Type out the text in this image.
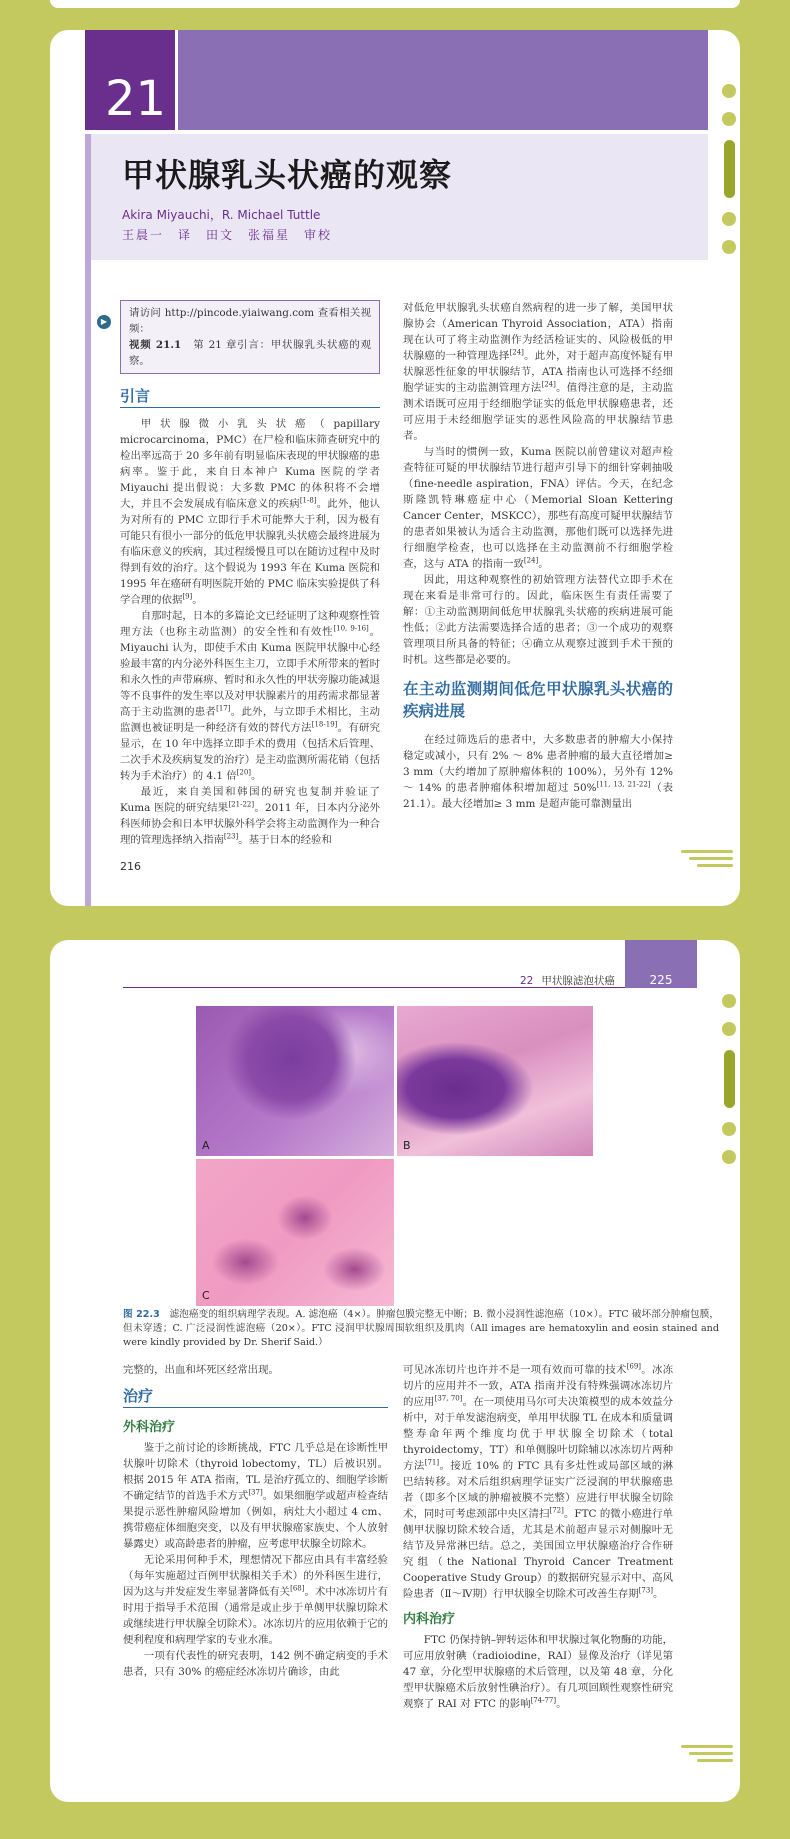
21
甲状腺乳头状癌的观察
Akira Miyauchi，R. Michael Tuttle
王晨一　译　田文　张福星　审校
▶
请访问 http://pincode.yiaiwang.com 查看相关视频：
视频 21.1　第 21 章引言：甲状腺乳头状癌的观察。
引言

甲状腺微小乳头状癌（papillary microcarcinoma，PMC）在尸检和临床筛查研究中的检出率远高于 20 多年前有明显临床表现的甲状腺癌的患病率。鉴于此，来自日本神户 Kuma 医院的学者 Miyauchi 提出假说：大多数 PMC 的体积将不会增大，并且不会发展成有临床意义的疾病[1-8]。此外，他认为对所有的 PMC 立即行手术可能弊大于利，因为极有可能只有很小一部分的低危甲状腺乳头状癌会最终进展为有临床意义的疾病，其过程缓慢且可以在随访过程中及时得到有效的治疗。这个假说为 1993 年在 Kuma 医院和 1995 年在癌研有明医院开始的 PMC 临床实验提供了科学合理的依据[9]。

自那时起，日本的多篇论文已经证明了这种观察性管理方法（也称主动监测）的安全性和有效性[10, 9-16]。Miyauchi 认为，即使手术由 Kuma 医院甲状腺中心经验最丰富的内分泌外科医生主刀，立即手术所带来的暂时和永久性的声带麻痹、暂时和永久性的甲状旁腺功能减退等不良事件的发生率以及对甲状腺素片的用药需求都显著高于主动监测的患者[17]。此外，与立即手术相比，主动监测也被证明是一种经济有效的替代方法[18-19]。有研究显示，在 10 年中选择立即手术的费用（包括术后管理、二次手术及疾病复发的治疗）是主动监测所需花销（包括转为手术治疗）的 4.1 倍[20]。

最近，来自美国和韩国的研究也复制并验证了 Kuma 医院的研究结果[21-22]。2011 年，日本内分泌外科医师协会和日本甲状腺外科学会将主动监测作为一种合理的管理选择纳入指南[23]。基于日本的经验和

对低危甲状腺乳头状癌自然病程的进一步了解，美国甲状腺协会（American Thyroid Association，ATA）指南现在认可了将主动监测作为经活检证实的、风险极低的甲状腺癌的一种管理选择[24]。此外，对于超声高度怀疑有甲状腺恶性征象的甲状腺结节，ATA 指南也认可选择不经细胞学证实的主动监测管理方法[24]。值得注意的是，主动监测术语既可应用于经细胞学证实的低危甲状腺癌患者，还可应用于未经细胞学证实的恶性风险高的甲状腺结节患者。

与当时的惯例一致，Kuma 医院以前曾建议对超声检查特征可疑的甲状腺结节进行超声引导下的细针穿刺抽吸（fine-needle aspiration，FNA）评估。今天，在纪念斯隆凯特琳癌症中心（Memorial Sloan Kettering Cancer Center，MSKCC），那些有高度可疑甲状腺结节的患者如果被认为适合主动监测，那他们既可以选择先进行细胞学检查，也可以选择在主动监测前不行细胞学检查，这与 ATA 的指南一致[24]。

因此，用这种观察性的初始管理方法替代立即手术在现在来看是非常可行的。因此，临床医生有责任需要了解：①主动监测期间低危甲状腺乳头状癌的疾病进展可能性低；②此方法需要选择合适的患者；③一个成功的观察管理项目所具备的特征；④确立从观察过渡到手术干预的时机。这些都是必要的。

在主动监测期间低危甲状腺乳头状癌的疾病进展

在经过筛选后的患者中，大多数患者的肿瘤大小保持稳定或减小，只有 2% ～ 8% 患者肿瘤的最大直径增加≥ 3 mm（大约增加了原肿瘤体积的 100%），另外有 12% ～ 14% 的患者肿瘤体积增加超过 50%[11, 13, 21-22]（表 21.1）。最大径增加≥ 3 mm 是超声能可靠测量出

216
22 甲状腺滤泡状癌	225
A	B
C
图 22.3　 滤泡癌变的组织病理学表现。A. 滤泡癌（4×）。肿瘤包膜完整无中断；B. 微小浸润性滤泡癌（10×）。FTC 破坏部分肿瘤包膜，但未穿透；C. 广泛浸润性滤泡癌（20×）。FTC 浸润甲状腺周围软组织及肌肉（All images are hematoxylin and eosin stained and were kindly provided by Dr. Sherif Said.）

完整的，出血和坏死区经常出现。

治疗
外科治疗

鉴于之前讨论的诊断挑战，FTC 几乎总是在诊断性甲状腺叶切除术（thyroid lobectomy，TL）后被识别。根据 2015 年 ATA 指南，TL 是治疗孤立的、细胞学诊断不确定结节的首选手术方式[37]。如果细胞学或超声检查结果提示恶性肿瘤风险增加（例如，病灶大小超过 4 cm、携带癌症体细胞突变，以及有甲状腺癌家族史、个人放射暴露史）或高龄患者的肿瘤，应考虑甲状腺全切除术。

无论采用何种手术，理想情况下都应由具有丰富经验（每年实施超过百例甲状腺相关手术）的外科医生进行，因为这与并发症发生率显著降低有关[68]。术中冰冻切片有时用于指导手术范围（通常是或止步于单侧甲状腺切除术或继续进行甲状腺全切除术）。冰冻切片的应用依赖于它的便利程度和病理学家的专业水准。

一项有代表性的研究表明，142 例不确定病变的手术患者，只有 30% 的癌症经冰冻切片确诊，由此

可见冰冻切片也许并不是一项有效而可靠的技术[69]。冰冻切片的应用并不一致，ATA 指南并没有特殊强调冰冻切片的应用[37, 70]。在一项使用马尔可夫决策模型的成本效益分析中，对于单发滤泡病变，单用甲状腺 TL 在成本和质量调整寿命年两个维度均优于甲状腺全切除术（total thyroidectomy，TT）和单侧腺叶切除辅以冰冻切片两种方法[71]。接近 10% 的 FTC 具有多灶性或局部区域的淋巴结转移。对术后组织病理学证实广泛浸润的甲状腺癌患者（即多个区域的肿瘤被膜不完整）应进行甲状腺全切除术，同时可考虑颈部中央区清扫[72]。FTC 的微小癌进行单侧甲状腺切除术较合适，尤其是术前超声显示对侧腺叶无结节及异常淋巴结。总之，美国国立甲状腺癌治疗合作研究组（the National Thyroid Cancer Treatment Cooperative Study Group）的数据研究显示对中、高风险患者（Ⅱ～Ⅳ期）行甲状腺全切除术可改善生存期[73]。

内科治疗

FTC 仍保持钠–钾转运体和甲状腺过氧化物酶的功能，可应用放射碘（radioiodine，RAI）显像及治疗（详见第 47 章，分化型甲状腺癌的术后管理，以及第 48 章，分化型甲状腺癌术后放射性碘治疗）。有几项回顾性观察性研究观察了 RAI 对 FTC 的影响[74-77]。
